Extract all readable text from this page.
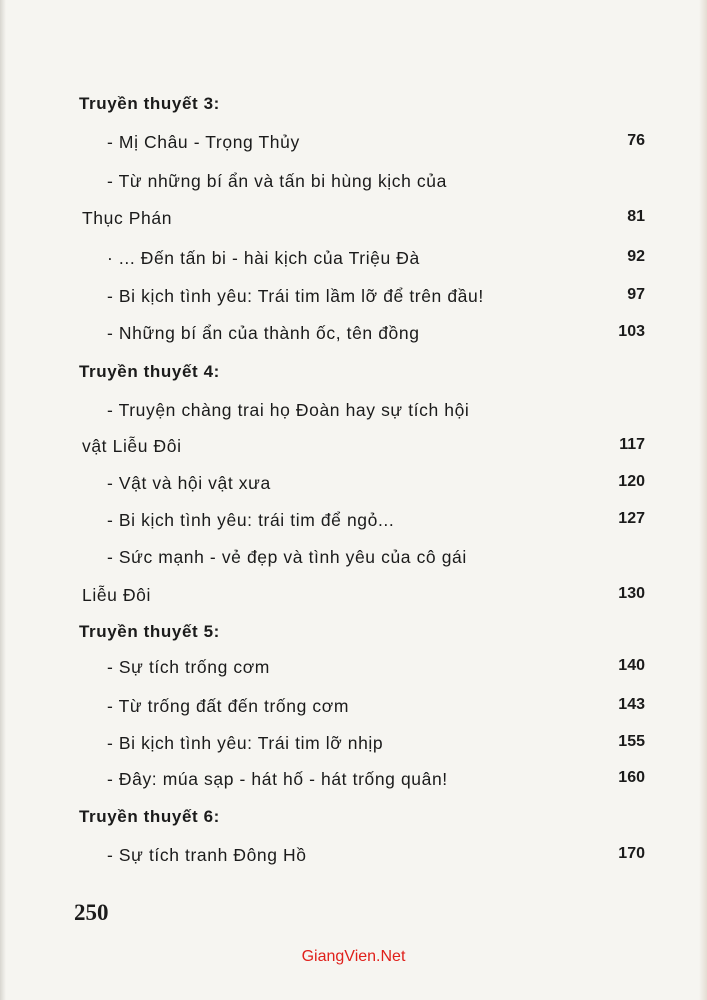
Truyền thuyết 3:
- Mị Châu - Trọng Thủy	76
- Từ những bí ẩn và tấn bi hùng kịch của
Thục Phán	81
· ... Đến tấn bi - hài kịch của Triệu Đà	92
- Bi kịch tình yêu: Trái tim lầm lỡ để trên đầu!	97
- Những bí ẩn của thành ốc, tên đồng	103
Truyền thuyết 4:
- Truyện chàng trai họ Đoàn hay sự tích hội
vật Liễu Đôi	117
- Vật và hội vật xưa	120
- Bi kịch tình yêu: trái tim để ngỏ...	127
- Sức mạnh - vẻ đẹp và tình yêu của cô gái
Liễu Đôi	130
Truyền thuyết 5:
- Sự tích trống cơm	140
- Từ trống đất đến trống cơm	143
- Bi kịch tình yêu: Trái tim lỡ nhịp	155
- Đây: múa sạp - hát hố - hát trống quân!	160
Truyền thuyết 6:
- Sự tích tranh Đông Hồ	170
250
GiangVien.Net
